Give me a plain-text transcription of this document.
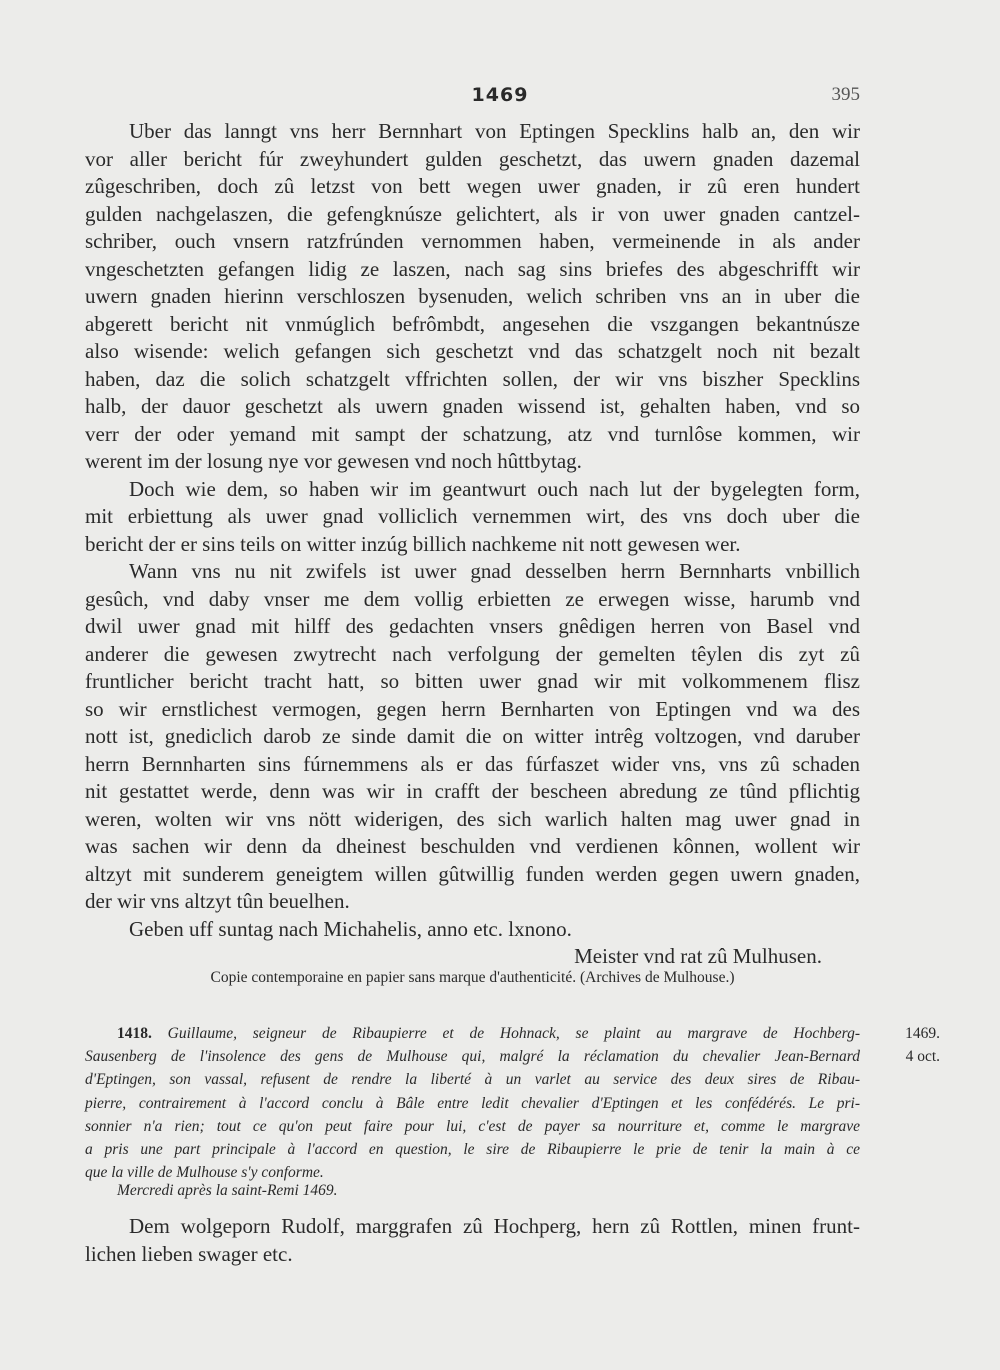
1469	395
Uber das lanngt vns herr Bernnhart von Eptingen Specklins halb an, den wir
vor aller bericht fúr zweyhundert gulden geschetzt, das uwern gnaden dazemal
zûgeschriben, doch zû letzst von bett wegen uwer gnaden, ir zû eren hundert
gulden nachgelaszen, die gefengknúsze gelichtert, als ir von uwer gnaden cantzel-
schriber, ouch vnsern ratzfrúnden vernommen haben, vermeinende in als ander
vngeschetzten gefangen lidig ze laszen, nach sag sins briefes des abgeschrifft wir
uwern gnaden hierinn verschloszen bysenuden, welich schriben vns an in uber die
abgerett bericht nit vnmúglich befrômbdt, angesehen die vszgangen bekantnúsze
also wisende: welich gefangen sich geschetzt vnd das schatzgelt noch nit bezalt
haben, daz die solich schatzgelt vffrichten sollen, der wir vns biszher Specklins
halb, der dauor geschetzt als uwern gnaden wissend ist, gehalten haben, vnd so
verr der oder yemand mit sampt der schatzung, atz vnd turnlôse kommen, wir
werent im der losung nye vor gewesen vnd noch hûttbytag.
Doch wie dem, so haben wir im geantwurt ouch nach lut der bygelegten form,
mit erbiettung als uwer gnad volliclich vernemmen wirt, des vns doch uber die
bericht der er sins teils on witter inzúg billich nachkeme nit nott gewesen wer.
Wann vns nu nit zwifels ist uwer gnad desselben herrn Bernnharts vnbillich
gesûch, vnd daby vnser me dem vollig erbietten ze erwegen wisse, harumb vnd
dwil uwer gnad mit hilff des gedachten vnsers gnêdigen herren von Basel vnd
anderer die gewesen zwytrecht nach verfolgung der gemelten têylen dis zyt zû
fruntlicher bericht tracht hatt, so bitten uwer gnad wir mit volkommenem flisz
so wir ernstlichest vermogen, gegen herrn Bernharten von Eptingen vnd wa des
nott ist, gnediclich darob ze sinde damit die on witter intrêg voltzogen, vnd daruber
herrn Bernnharten sins fúrnemmens als er das fúrfaszet wider vns, vns zû schaden
nit gestattet werde, denn was wir in crafft der bescheen abredung ze tûnd pflichtig
weren, wolten wir vns nött widerigen, des sich warlich halten mag uwer gnad in
was sachen wir denn da dheinest beschulden vnd verdienen kônnen, wollent wir
altzyt mit sunderem geneigtem willen gûtwillig funden werden gegen uwern gnaden,
der wir vns altzyt tûn beuelhen.
Geben uff suntag nach Michahelis, anno etc. lxnono.
Meister vnd rat zû Mulhusen.
Copie contemporaine en papier sans marque d'authenticité. (Archives de Mulhouse.)
1418. Guillaume, seigneur de Ribaupierre et de Hohnack, se plaint au margrave de Hochberg-
Sausenberg de l'insolence des gens de Mulhouse qui, malgré la réclamation du chevalier Jean-Bernard
d'Eptingen, son vassal, refusent de rendre la liberté à un varlet au service des deux sires de Ribau-
pierre, contrairement à l'accord conclu à Bâle entre ledit chevalier d'Eptingen et les confédérés. Le pri-
sonnier n'a rien; tout ce qu'on peut faire pour lui, c'est de payer sa nourriture et, comme le margrave
a pris une part principale à l'accord en question, le sire de Ribaupierre le prie de tenir la main à ce
que la ville de Mulhouse s'y conforme.
Mercredi après la saint-Remi 1469.
1469.
4 oct.
Dem wolgeporn Rudolf, marggrafen zû Hochperg, hern zû Rottlen, minen frunt-
lichen lieben swager etc.
